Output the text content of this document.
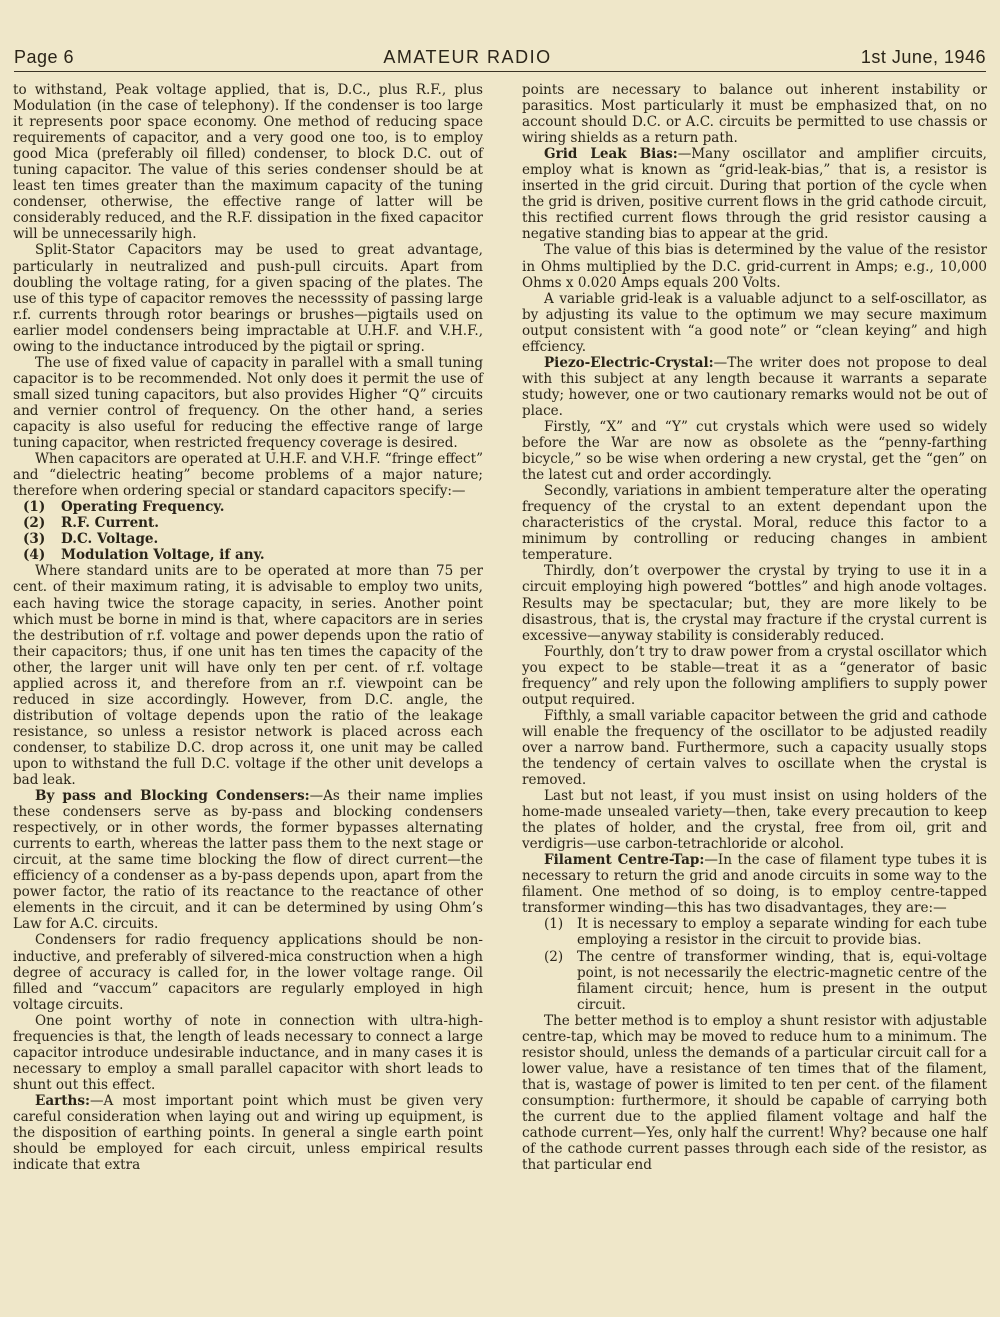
Page 6	AMATEUR RADIO	1st June, 1946

to withstand, Peak voltage applied, that is, D.C., plus R.F., plus Modulation (in the case of telephony). If the condenser is too large it represents poor space economy. One method of reducing space requirements of capacitor, and a very good one too, is to employ good Mica (preferably oil filled) condenser, to block D.C. out of tuning capacitor. The value of this series condenser should be at least ten times greater than the maximum capacity of the tuning condenser, otherwise, the effective range of latter will be considerably reduced, and the R.F. dissipation in the fixed capacitor will be unnecessarily high.

Split-Stator Capacitors may be used to great advantage, particularly in neutralized and push-pull circuits. Apart from doubling the voltage rating, for a given spacing of the plates. The use of this type of capacitor removes the necesssity of passing large r.f. currents through rotor bearings or brushes—pigtails used on earlier model condensers being impractable at U.H.F. and V.H.F., owing to the inductance introduced by the pigtail or spring.

The use of fixed value of capacity in parallel with a small tuning capacitor is to be recommended. Not only does it permit the use of small sized tuning capacitors, but also provides Higher “Q” circuits and vernier control of frequency. On the other hand, a series capacity is also useful for reducing the effective range of large tuning capacitor, when restricted frequency coverage is desired.

When capacitors are operated at U.H.F. and V.H.F. “fringe effect” and “dielectric heating” become problems of a major nature; therefore when ordering special or standard capacitors specify:—

(1) Operating Frequency.
(2) R.F. Current.
(3) D.C. Voltage.
(4) Modulation Voltage, if any.

Where standard units are to be operated at more than 75 per cent. of their maximum rating, it is advisable to employ two units, each having twice the storage capacity, in series. Another point which must be borne in mind is that, where capacitors are in series the destribution of r.f. voltage and power depends upon the ratio of their capacitors; thus, if one unit has ten times the capacity of the other, the larger unit will have only ten per cent. of r.f. voltage applied across it, and therefore from an r.f. viewpoint can be reduced in size accordingly. However, from D.C. angle, the distribution of voltage depends upon the ratio of the leakage resistance, so unless a resistor network is placed across each condenser, to stabilize D.C. drop across it, one unit may be called upon to withstand the full D.C. voltage if the other unit develops a bad leak.

By pass and Blocking Condensers:—As their name implies these condensers serve as by-pass and blocking condensers respectively, or in other words, the former bypasses alternating currents to earth, whereas the latter pass them to the next stage or circuit, at the same time blocking the flow of direct current—the efficiency of a condenser as a by-pass depends upon, apart from the power factor, the ratio of its reactance to the reactance of other elements in the circuit, and it can be determined by using Ohm’s Law for A.C. circuits.

Condensers for radio frequency applications should be non-inductive, and preferably of silvered-mica construction when a high degree of accuracy is called for, in the lower voltage range. Oil filled and “vaccum” capacitors are regularly employed in high voltage circuits.

One point worthy of note in connection with ultra-high-frequencies is that, the length of leads necessary to connect a large capacitor introduce undesirable inductance, and in many cases it is necessary to employ a small parallel capacitor with short leads to shunt out this effect.

Earths:—A most important point which must be given very careful consideration when laying out and wiring up equipment, is the disposition of earthing points. In general a single earth point should be employed for each circuit, unless empirical results indicate that extra

points are necessary to balance out inherent instability or parasitics. Most particularly it must be emphasized that, on no account should D.C. or A.C. circuits be permitted to use chassis or wiring shields as a return path.

Grid Leak Bias:—Many oscillator and amplifier circuits, employ what is known as “grid-leak-bias,” that is, a resistor is inserted in the grid circuit. During that portion of the cycle when the grid is driven, positive current flows in the grid cathode circuit, this rectified current flows through the grid resistor causing a negative standing bias to appear at the grid.

The value of this bias is determined by the value of the resistor in Ohms multiplied by the D.C. grid-current in Amps; e.g., 10,000 Ohms x 0.020 Amps equals 200 Volts.

A variable grid-leak is a valuable adjunct to a self-oscillator, as by adjusting its value to the optimum we may secure maximum output consistent with “a good note” or “clean keying” and high effciency.

Piezo-Electric-Crystal:—The writer does not propose to deal with this subject at any length because it warrants a separate study; however, one or two cautionary remarks would not be out of place.

Firstly, “X” and “Y” cut crystals which were used so widely before the War are now as obsolete as the “penny-farthing bicycle,” so be wise when ordering a new crystal, get the “gen” on the latest cut and order accordingly.

Secondly, variations in ambient temperature alter the operating frequency of the crystal to an extent dependant upon the characteristics of the crystal. Moral, reduce this factor to a minimum by controlling or reducing changes in ambient temperature.

Thirdly, don’t overpower the crystal by trying to use it in a circuit employing high powered “bottles” and high anode voltages. Results may be spectacular; but, they are more likely to be disastrous, that is, the crystal may fracture if the crystal current is excessive—anyway stability is considerably reduced.

Fourthly, don’t try to draw power from a crystal oscillator which you expect to be stable—treat it as a “generator of basic frequency” and rely upon the following amplifiers to supply power output required.

Fifthly, a small variable capacitor between the grid and cathode will enable the frequency of the oscillator to be adjusted readily over a narrow band. Furthermore, such a capacity usually stops the tendency of certain valves to oscillate when the crystal is removed.

Last but not least, if you must insist on using holders of the home-made unsealed variety—then, take every precaution to keep the plates of holder, and the crystal, free from oil, grit and verdigris—use carbon-tetrachloride or alcohol.

Filament Centre-Tap:—In the case of filament type tubes it is necessary to return the grid and anode circuits in some way to the filament. One method of so doing, is to employ centre-tapped transformer winding—this has two disadvantages, they are:—

(1) It is necessary to employ a separate winding for each tube employing a resistor in the circuit to provide bias.
(2) The centre of transformer winding, that is, equi-voltage point, is not necessarily the electric-magnetic centre of the filament circuit; hence, hum is present in the output circuit.

The better method is to employ a shunt resistor with adjustable centre-tap, which may be moved to reduce hum to a minimum. The resistor should, unless the demands of a particular circuit call for a lower value, have a resistance of ten times that of the filament, that is, wastage of power is limited to ten per cent. of the filament consumption: furthermore, it should be capable of carrying both the current due to the applied filament voltage and half the cathode current—Yes, only half the current! Why? because one half of the cathode current passes through each side of the resistor, as that particular end
